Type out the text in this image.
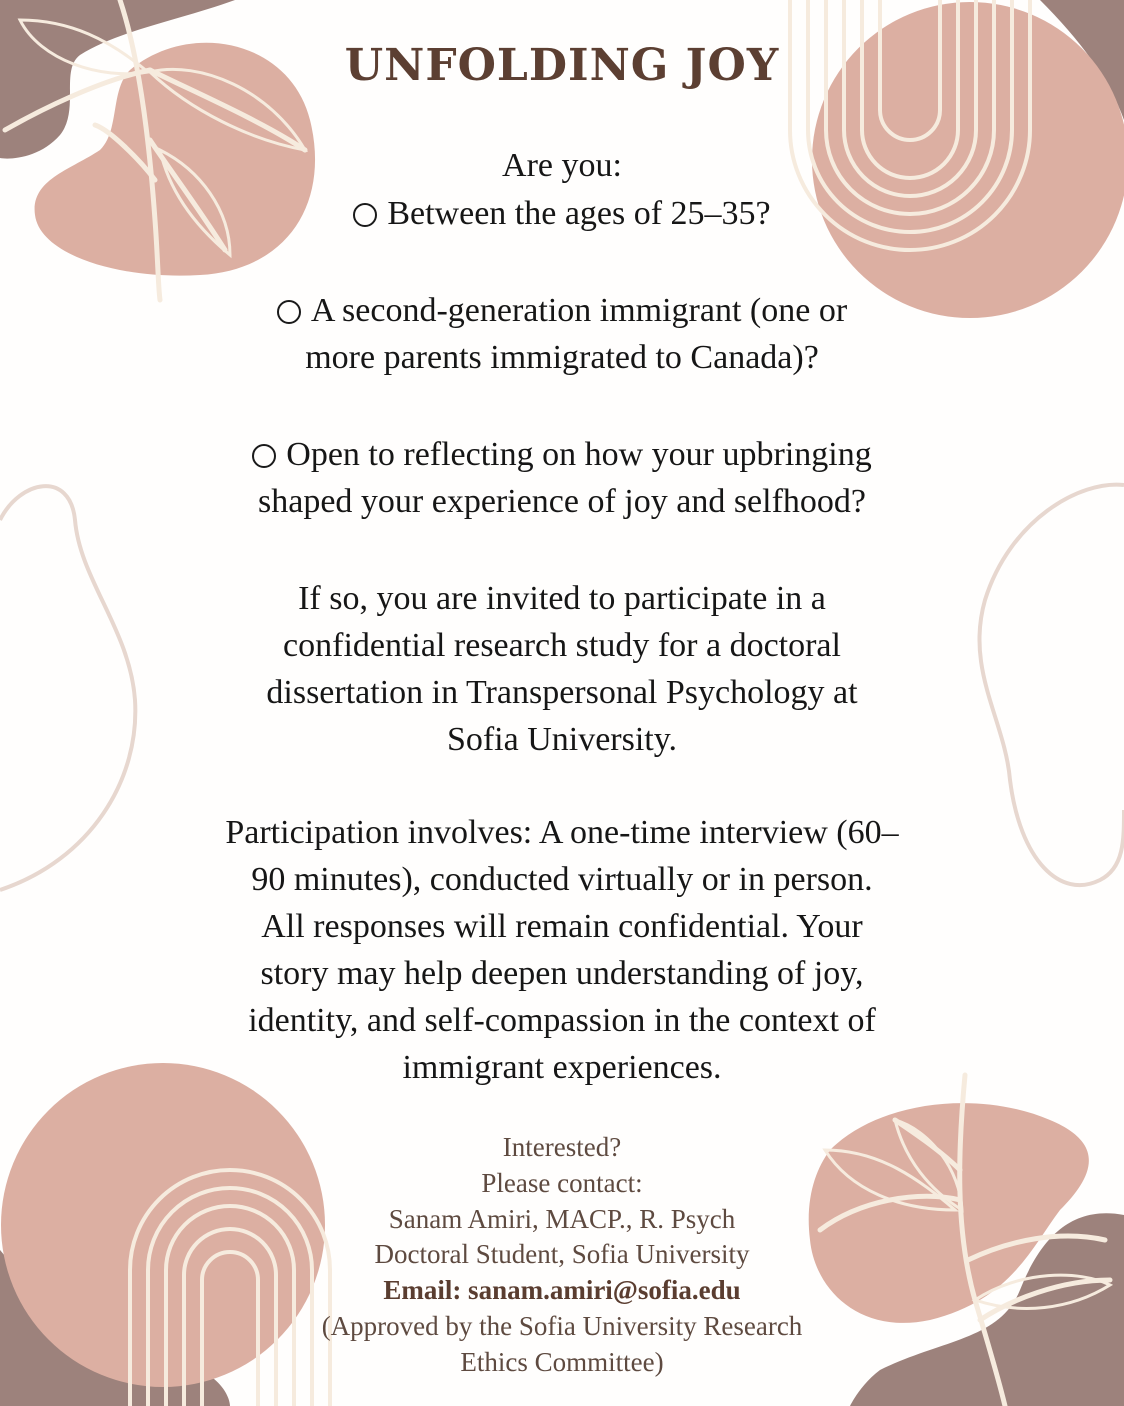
UNFOLDING JOY
Are you:
Between the ages of 25–35?
A second-generation immigrant (one or
more parents immigrated to Canada)?
Open to reflecting on how your upbringing
shaped your experience of joy and selfhood?
If so, you are invited to participate in a
confidential research study for a doctoral
dissertation in Transpersonal Psychology at
Sofia University.
Participation involves: A one-time interview (60–
90 minutes), conducted virtually or in person.
All responses will remain confidential. Your
story may help deepen understanding of joy,
identity, and self-compassion in the context of
immigrant experiences.
Interested?
Please contact:
Sanam Amiri, MACP., R. Psych
Doctoral Student, Sofia University
Email: sanam.amiri@sofia.edu
(Approved by the Sofia University Research
Ethics Committee)
